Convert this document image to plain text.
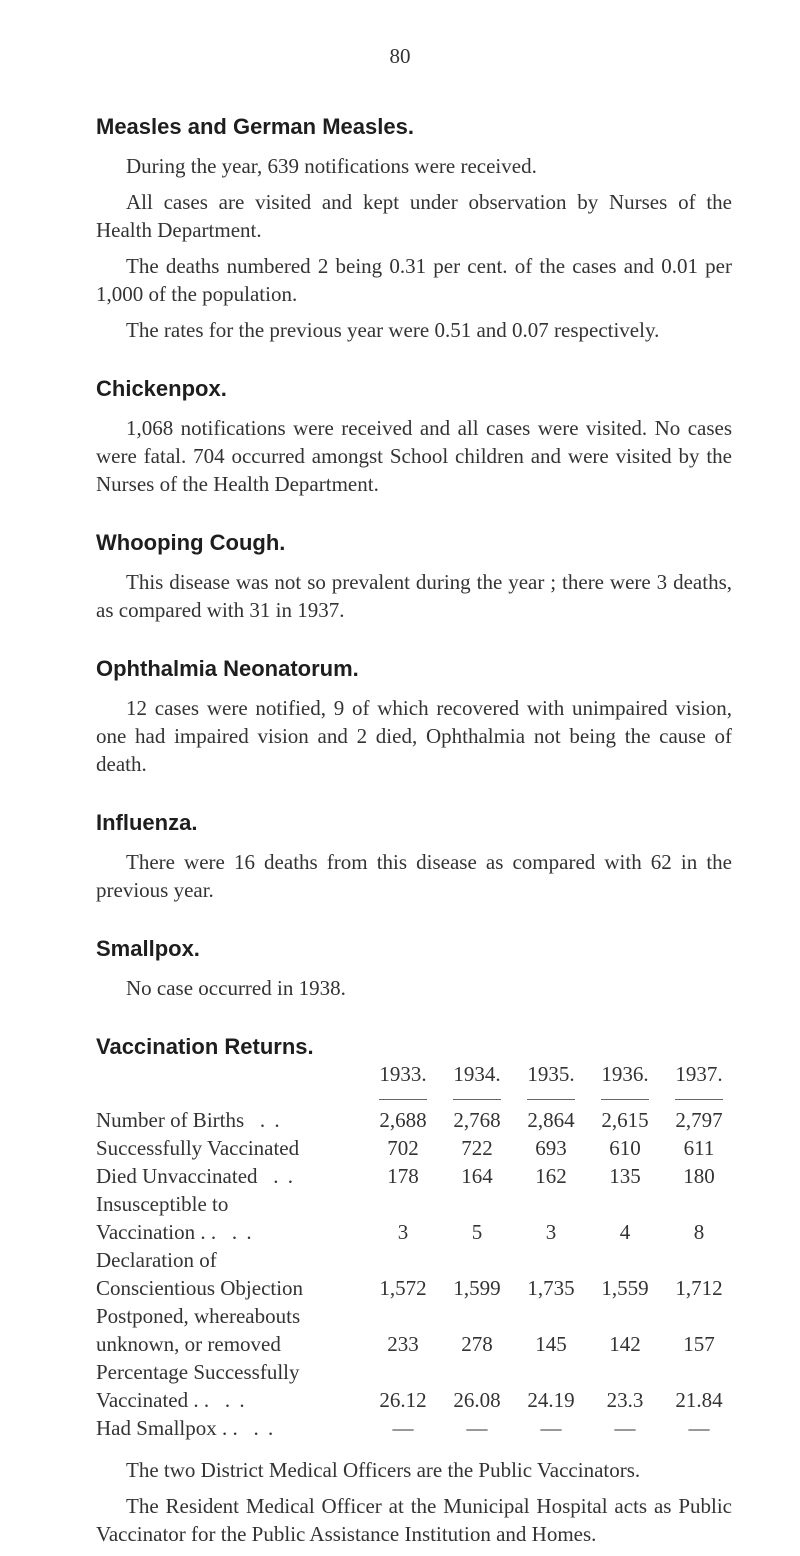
80
Measles and German Measles.

During the year, 639 notifications were received.

All cases are visited and kept under observation by Nurses of the Health Department.

The deaths numbered 2 being 0.31 per cent. of the cases and 0.01 per 1,000 of the population.

The rates for the previous year were 0.51 and 0.07 respectively.

Chickenpox.

1,068 notifications were received and all cases were visited. No cases were fatal. 704 occurred amongst School children and were visited by the Nurses of the Health Department.

Whooping Cough.

This disease was not so prevalent during the year ; there were 3 deaths, as compared with 31 in 1937.

Ophthalmia Neonatorum.

12 cases were notified, 9 of which recovered with unimpaired vision, one had impaired vision and 2 died, Ophthalmia not being the cause of death.

Influenza.

There were 16 deaths from this disease as compared with 62 in the previous year.

Smallpox.

No case occurred in 1938.

Vaccination Returns.
	1933.	1934.	1935.	1936.	1937.
Number of Births . .	2,688	2,768	2,864	2,615	2,797
Successfully Vaccinated	702	722	693	610	611
Died Unvaccinated . .	178	164	162	135	180
Insusceptible to					
Vaccination . . . .	3	5	3	4	8
Declaration of					
Conscientious Objection	1,572	1,599	1,735	1,559	1,712
Postponed, whereabouts					
unknown, or removed	233	278	145	142	157
Percentage Successfully					
Vaccinated . . . .	26.12	26.08	24.19	23.3	21.84
Had Smallpox . . . .	—	—	—	—	—

The two District Medical Officers are the Public Vaccinators.

The Resident Medical Officer at the Municipal Hospital acts as Public Vaccinator for the Public Assistance Institution and Homes.
